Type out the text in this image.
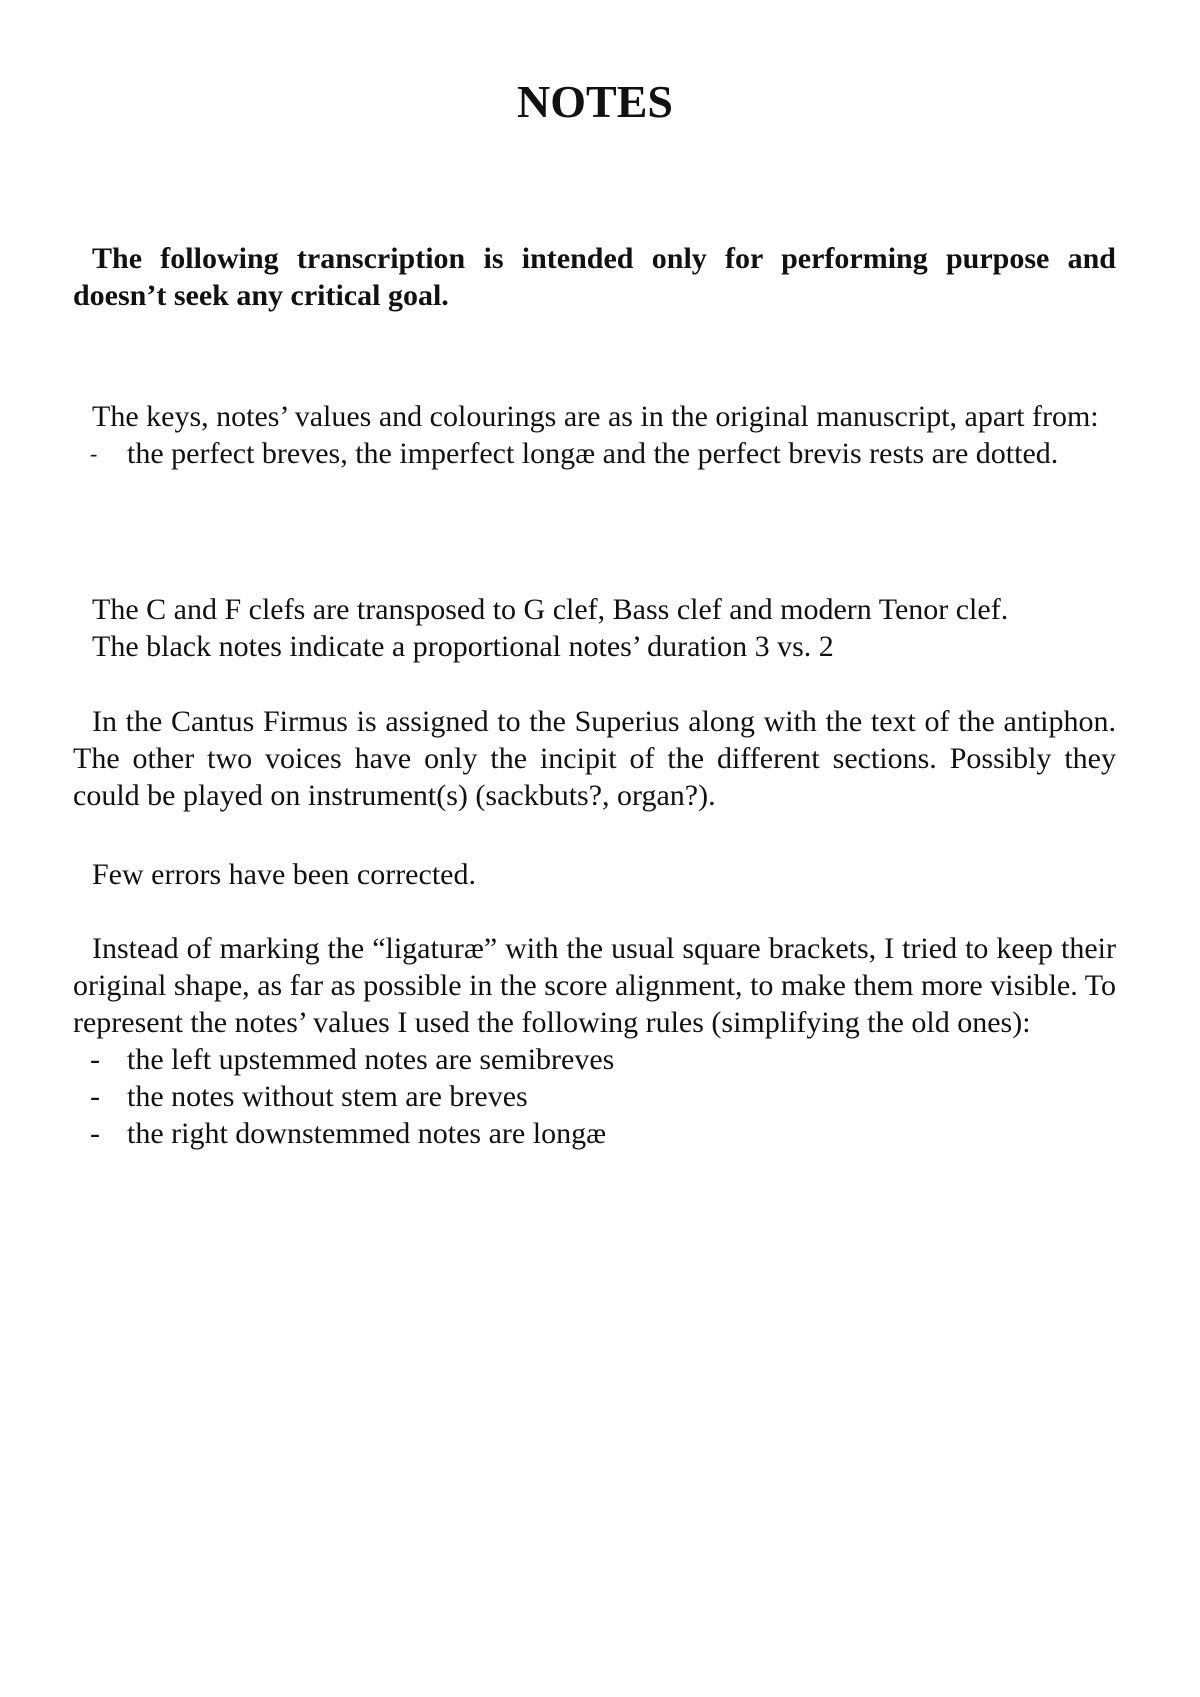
NOTES

The following transcription is intended only for performing purpose and doesn’t seek any critical goal.

The keys, notes’ values and colourings are as in the original manuscript, apart from:

- the perfect breves, the imperfect longæ and the perfect brevis rests are dotted.

The C and F clefs are transposed to G clef, Bass clef and modern Tenor clef.

The black notes indicate a proportional notes’ duration 3 vs. 2

In the Cantus Firmus is assigned to the Superius along with the text of the antiphon. The other two voices have only the incipit of the different sections. Possibly they could be played on instrument(s) (sackbuts?, organ?).

Few errors have been corrected.

Instead of marking the “ligaturæ” with the usual square brackets, I tried to keep their original shape, as far as possible in the score alignment, to make them more visible. To represent the notes’ values I used the following rules (simplifying the old ones):

- the left upstemmed notes are semibreves
- the notes without stem are breves
- the right downstemmed notes are longæ
